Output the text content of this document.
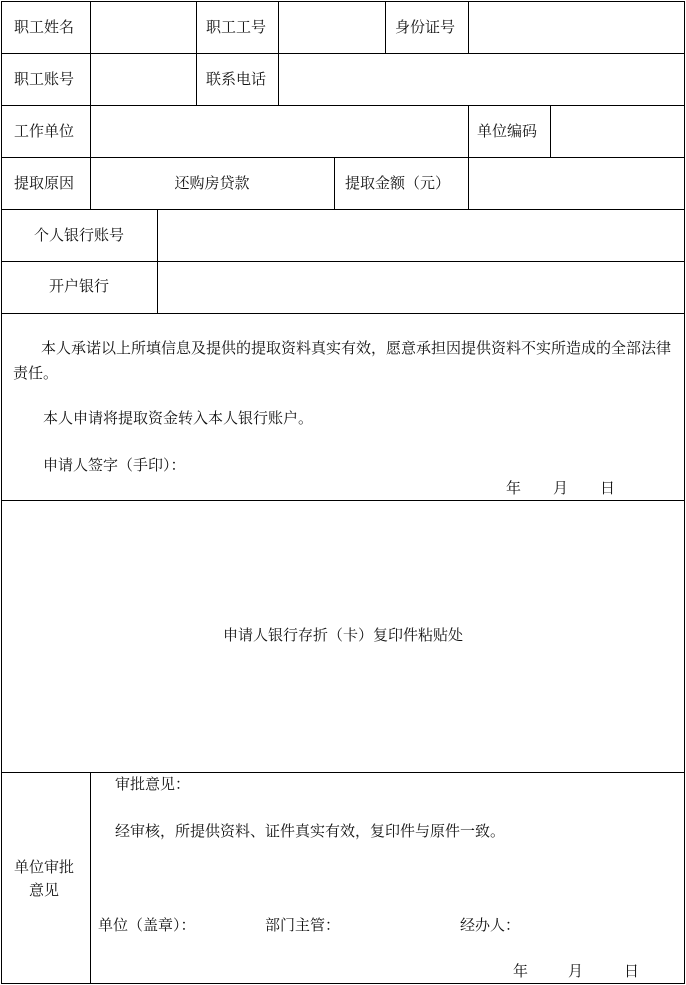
职工姓名	职工工号	身份证号
职工账号	联系电话
工作单位	单位编码
提取原因	还购房贷款	提取金额（元）
个人银行账号
开户银行
本人承诺以上所填信息及提供的提取资料真实有效，愿意承担因提供资料不实所造成的全部法律责任。
本人申请将提取资金转入本人银行账户。
申请人签字（手印）：
年 月 日
申请人银行存折（卡）复印件粘贴处
单位审批
意见
审批意见：
经审核，所提供资料、证件真实有效，复印件与原件一致。
单位（盖章）：	部门主管：	经办人：
年	月	日
